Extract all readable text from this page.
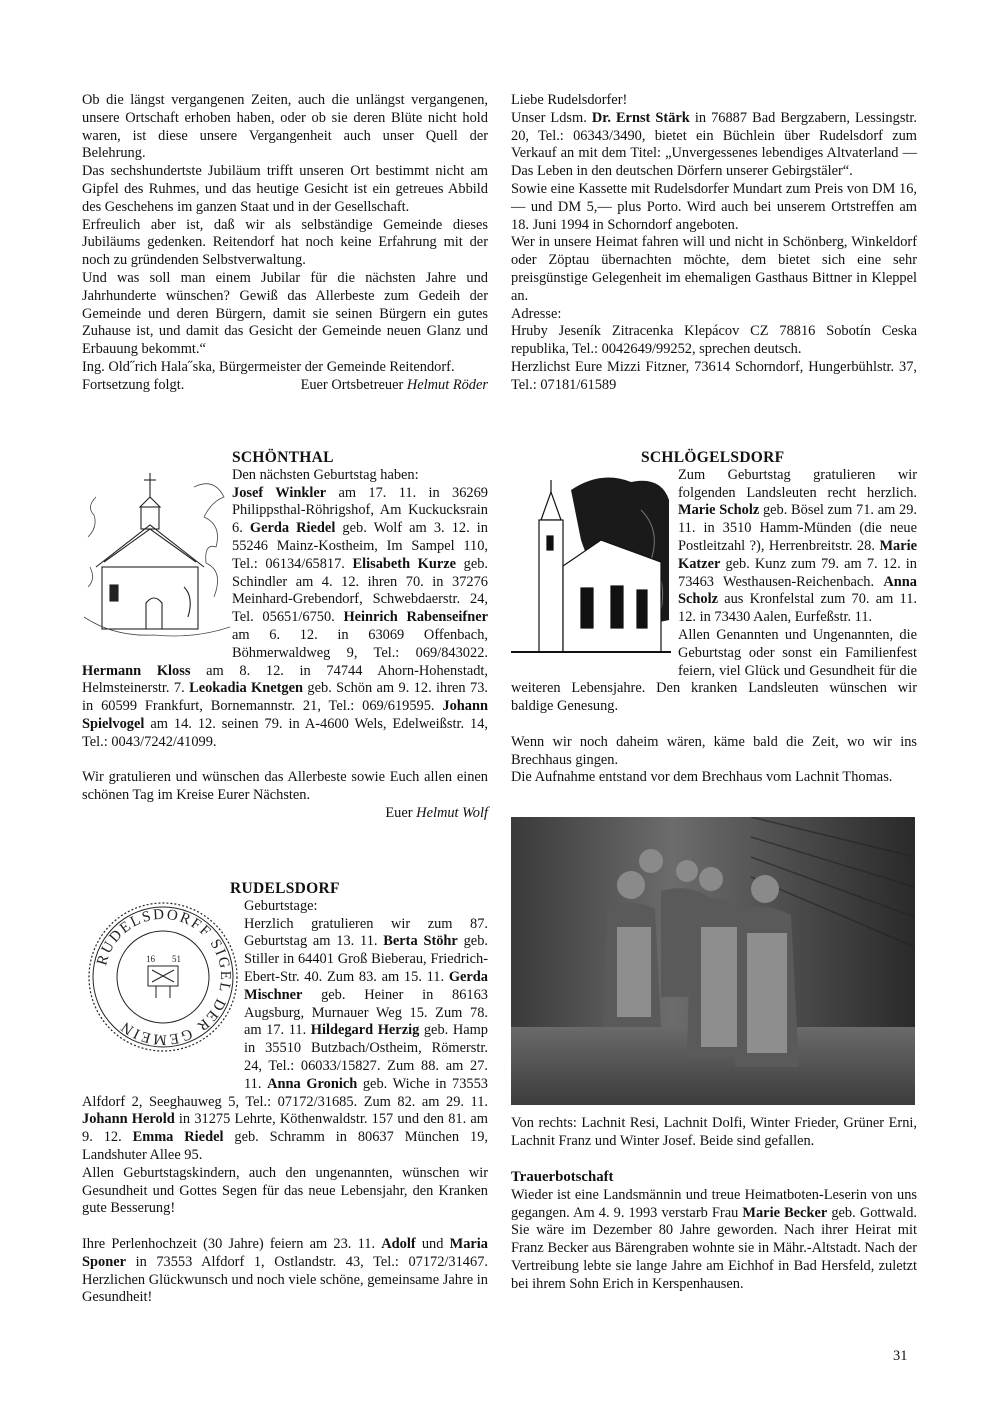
Ob die längst vergangenen Zeiten, auch die unlängst vergangenen, unsere Ortschaft erhoben haben, oder ob sie deren Blüte nicht hold waren, ist diese unsere Vergangenheit auch unser Quell der Belehrung.

Das sechshundertste Jubiläum trifft unseren Ort bestimmt nicht am Gipfel des Ruhmes, und das heutige Gesicht ist ein getreues Abbild des Geschehens im ganzen Staat und in der Gesellschaft.

Erfreulich aber ist, daß wir als selbständige Gemeinde dieses Jubiläums gedenken. Reitendorf hat noch keine Erfahrung mit der noch zu gründenden Selbstverwaltung.

Und was soll man einem Jubilar für die nächsten Jahre und Jahrhunderte wünschen? Gewiß das Allerbeste zum Gedeih der Gemeinde und deren Bürgern, damit sie seinen Bürgern ein gutes Zuhause ist, und damit das Gesicht der Gemeinde neuen Glanz und Erbauung bekommt.“

Ing. Old˝rich Hala˝ska, Bürgermeister der Gemeinde Reitendorf.

Fortsetzung folgt.	Euer Ortsbetreuer Helmut Röder

Liebe Rudelsdorfer!

Unser Ldsm. Dr. Ernst Stärk in 76887 Bad Bergzabern, Lessingstr. 20, Tel.: 06343/3490, bietet ein Büchlein über Rudelsdorf zum Verkauf an mit dem Titel: „Unvergessenes lebendiges Altvaterland — Das Leben in den deutschen Dörfern unserer Gebirgstäler“.

Sowie eine Kassette mit Rudelsdorfer Mundart zum Preis von DM 16,— und DM 5,— plus Porto. Wird auch bei unserem Ortstreffen am 18. Juni 1994 in Schorndorf angeboten.

Wer in unsere Heimat fahren will und nicht in Schönberg, Winkeldorf oder Zöptau übernachten möchte, dem bietet sich eine sehr preisgünstige Gelegenheit im ehemaligen Gasthaus Bittner in Kleppel an.

Adresse:

Hruby Jeseník Zitracenka Klepácov CZ 78816 Sobotín Ceska republika, Tel.: 0042649/99252, sprechen deutsch.

Herzlichst Eure Mizzi Fitzner, 73614 Schorndorf, Hungerbühlstr. 37, Tel.: 07181/61589

SCHÖNTHAL

Den nächsten Geburtstag haben:

Josef Winkler am 17. 11. in 36269 Philippsthal-Röhrigshof, Am Kuckucksrain 6. Gerda Riedel geb. Wolf am 3. 12. in 55246 Mainz-Kostheim, Im Sampel 110, Tel.: 06134/65817. Elisabeth Kurze geb. Schindler am 4. 12. ihren 70. in 37276 Meinhard-Grebendorf, Schwebdaerstr. 24, Tel. 05651/6750. Heinrich Rabenseifner am 6. 12. in 63069 Offenbach, Böhmerwaldweg 9, Tel.: 069/843022. Hermann Kloss am 8. 12. in 74744 Ahorn-Hohenstadt, Helmsteinerstr. 7. Leokadia Knetgen geb. Schön am 9. 12. ihren 73. in 60599 Frankfurt, Bornemannstr. 21, Tel.: 069/619595. Johann Spielvogel am 14. 12. seinen 79. in A-4600 Wels, Edelweißstr. 14, Tel.: 0043/7242/41099.

Wir gratulieren und wünschen das Allerbeste sowie Euch allen einen schönen Tag im Kreise Eurer Nächsten.

Euer Helmut Wolf

RUDELSDORFF SIGEL DER GEMEIN
16 51
RUDELSDORF

Geburtstage:

Herzlich gratulieren wir zum 87. Geburtstag am 13. 11. Berta Stöhr geb. Stiller in 64401 Groß Bieberau, Friedrich-Ebert-Str. 40. Zum 83. am 15. 11. Gerda Mischner geb. Heiner in 86163 Augsburg, Murnauer Weg 15. Zum 78. am 17. 11. Hildegard Herzig geb. Hamp in 35510 Butzbach/Ostheim, Römerstr. 24, Tel.: 06033/15827. Zum 88. am 27. 11. Anna Gronich geb. Wiche in 73553 Alfdorf 2, Seeghauweg 5, Tel.: 07172/31685. Zum 82. am 29. 11. Johann Herold in 31275 Lehrte, Köthenwaldstr. 157 und den 81. am 9. 12. Emma Riedel geb. Schramm in 80637 München 19, Landshuter Allee 95.

Allen Geburtstagskindern, auch den ungenannten, wünschen wir Gesundheit und Gottes Segen für das neue Lebensjahr, den Kranken gute Besserung!

Ihre Perlenhochzeit (30 Jahre) feiern am 23. 11. Adolf und Maria Sponer in 73553 Alfdorf 1, Ostlandstr. 43, Tel.: 07172/31467. Herzlichen Glückwunsch und noch viele schöne, gemeinsame Jahre in Gesundheit!

SCHLÖGELSDORF

Zum Geburtstag gratulieren wir folgenden Landsleuten recht herzlich. Marie Scholz geb. Bösel zum 71. am 29. 11. in 3510 Hamm-Münden (die neue Postleitzahl ?), Herrenbreitstr. 28. Marie Katzer geb. Kunz zum 79. am 7. 12. in 73463 Westhausen-Reichenbach. Anna Scholz aus Kronfelstal zum 70. am 11. 12. in 73430 Aalen, Eurfeßstr. 11.

Allen Genannten und Ungenannten, die Geburtstag oder sonst ein Familienfest feiern, viel Glück und Gesundheit für die weiteren Lebensjahre. Den kranken Landsleuten wünschen wir baldige Genesung.

Wenn wir noch daheim wären, käme bald die Zeit, wo wir ins Brechhaus gingen.

Die Aufnahme entstand vor dem Brechhaus vom Lachnit Thomas.

Von rechts: Lachnit Resi, Lachnit Dolfi, Winter Frieder, Grüner Erni, Lachnit Franz und Winter Josef. Beide sind gefallen.

Trauerbotschaft

Wieder ist eine Landsmännin und treue Heimatboten-Leserin von uns gegangen. Am 4. 9. 1993 verstarb Frau Marie Becker geb. Gottwald. Sie wäre im Dezember 80 Jahre geworden. Nach ihrer Heirat mit Franz Becker aus Bärengraben wohnte sie in Mähr.-Altstadt. Nach der Vertreibung lebte sie lange Jahre am Eichhof in Bad Hersfeld, zuletzt bei ihrem Sohn Erich in Kerspenhausen.

31
